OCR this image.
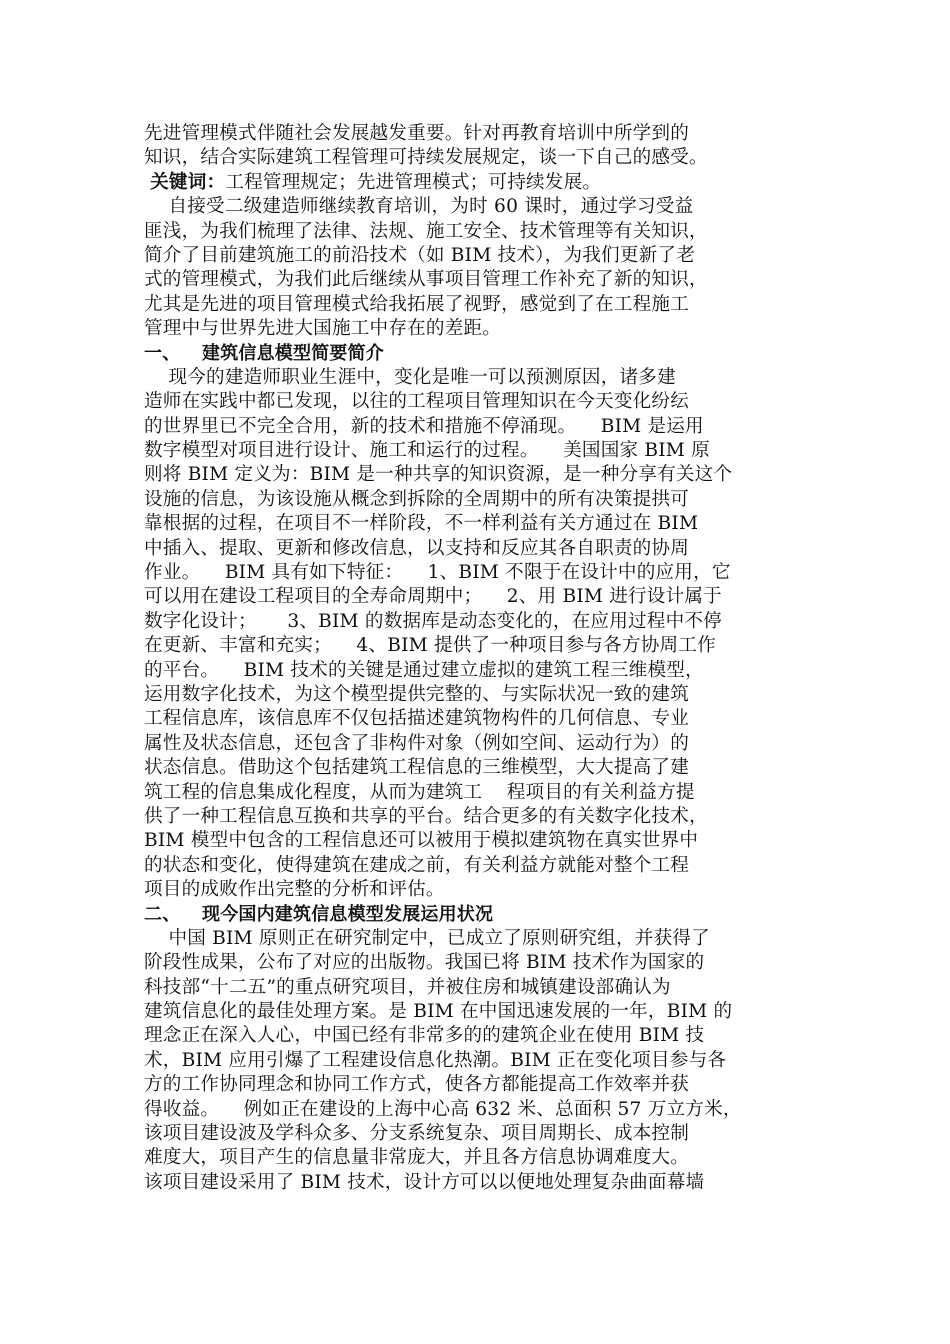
先进管理模式伴随社会发展越发重要。针对再教育培训中所学到的
知识，结合实际建筑工程管理可持续发展规定，谈一下自己的感受。
关键词：工程管理规定；先进管理模式；可持续发展。
自接受二级建造师继续教育培训，为时 60 课时，通过学习受益
匪浅，为我们梳理了法律、法规、施工安全、技术管理等有关知识，
简介了目前建筑施工的前沿技术（如 BIM 技术），为我们更新了老
式的管理模式，为我们此后继续从事项目管理工作补充了新的知识，
尤其是先进的项目管理模式给我拓展了视野，感觉到了在工程施工
管理中与世界先进大国施工中存在的差距。
一、 建筑信息模型简要简介
现今的建造师职业生涯中，变化是唯一可以预测原因，诸多建
造师在实践中都已发现，以往的工程项目管理知识在今天变化纷纭
的世界里已不完全合用，新的技术和措施不停涌现。    BIM 是运用
数字模型对项目进行设计、施工和运行的过程。    美国国家 BIM 原
则将 BIM 定义为：BIM 是一种共享的知识资源，是一种分享有关这个
设施的信息，为该设施从概念到拆除的全周期中的所有决策提拱可
靠根据的过程，在项目不一样阶段，不一样利益有关方通过在 BIM
中插入、提取、更新和修改信息，以支持和反应其各自职责的协周
作业。    BIM 具有如下特征：    1、BIM 不限于在设计中的应用，它
可以用在建设工程项目的全寿命周期中；    2、用 BIM 进行设计属于
数字化设计；     3、BIM 的数据库是动态变化的，在应用过程中不停
在更新、丰富和充实；    4、BIM 提供了一种项目参与各方协周工作
的平台。    BIM 技术的关键是通过建立虚拟的建筑工程三维模型，
运用数字化技术，为这个模型提供完整的、与实际状况一致的建筑
工程信息库，该信息库不仅包括描述建筑物构件的几何信息、专业
属性及状态信息，还包含了非构件对象（例如空间、运动行为）的
状态信息。借助这个包括建筑工程信息的三维模型，大大提高了建
筑工程的信息集成化程度，从而为建筑工    程项目的有关利益方提
供了一种工程信息互换和共享的平台。结合更多的有关数字化技术，
BIM 模型中包含的工程信息还可以被用于模拟建筑物在真实世界中
的状态和变化，使得建筑在建成之前，有关利益方就能对整个工程
项目的成败作出完整的分析和评估。
二、 现今国内建筑信息模型发展运用状况
中国 BIM 原则正在研究制定中，已成立了原则研究组，并获得了
阶段性成果，公布了对应的出版物。我国已将 BIM 技术作为国家的
科技部“十二五”的重点研究项目，并被住房和城镇建设部确认为
建筑信息化的最佳处理方案。是 BIM 在中国迅速发展的一年，BIM 的
理念正在深入人心，中国已经有非常多的的建筑企业在使用 BIM 技
术，BIM 应用引爆了工程建设信息化热潮。BIM 正在变化项目参与各
方的工作协同理念和协同工作方式，使各方都能提高工作效率并获
得收益。    例如正在建设的上海中心高 632 米、总面积 57 万立方米，
该项目建设波及学科众多、分支系统复杂、项目周期长、成本控制
难度大，项目产生的信息量非常庞大，并且各方信息协调难度大。
该项目建设采用了 BIM 技术，设计方可以以便地处理复杂曲面幕墙
